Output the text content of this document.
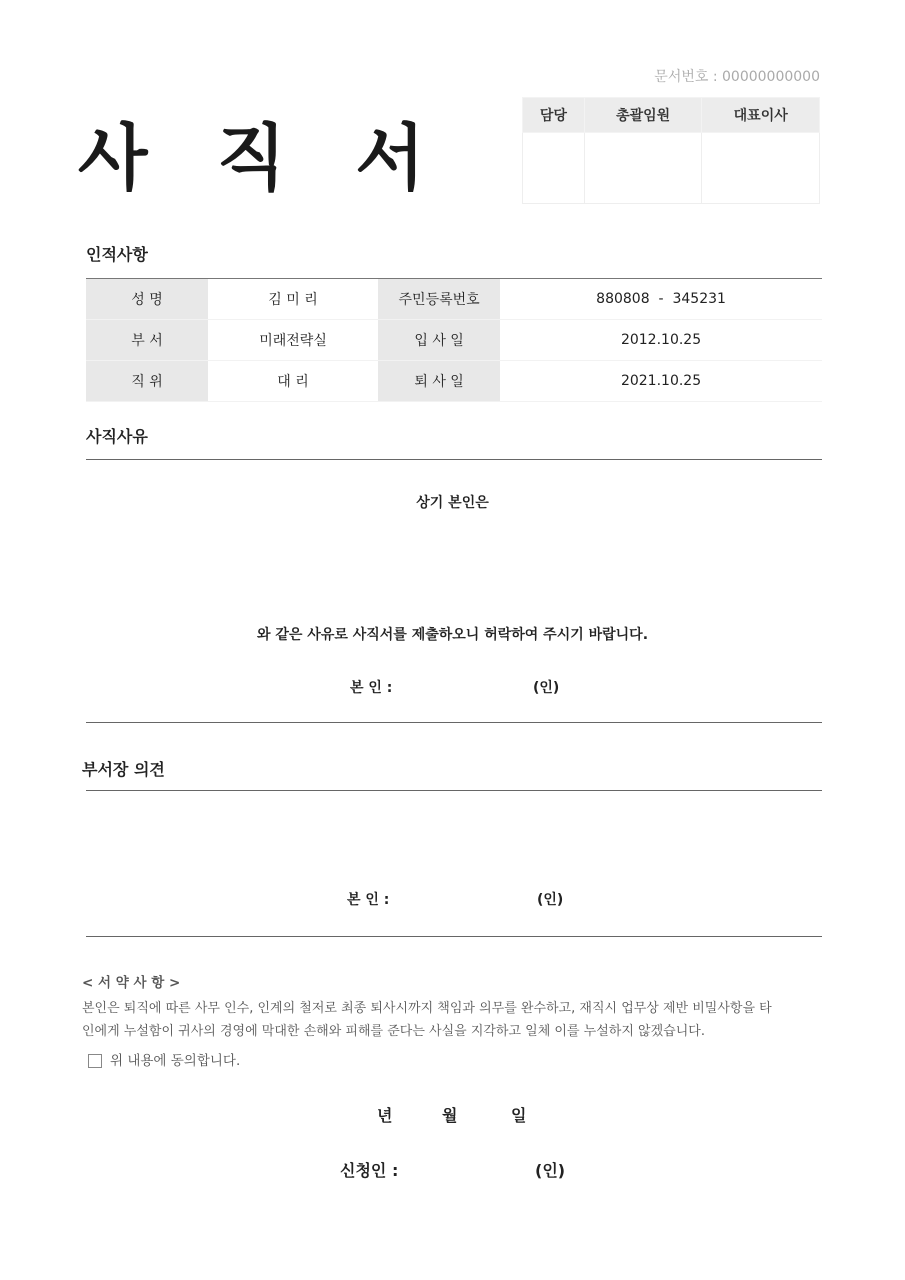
문서번호 : 00000000000
사 직 서	담당	총괄임원	대표이사

인적사항
성 명	김 미 리	주민등록번호	880808  -  345231
부 서	미래전략실	입 사 일	2012.10.25
직 위	대 리	퇴 사 일	2021.10.25
사직사유
상기 본인은
와 같은 사유로 사직서를 제출하오니 허락하여 주시기 바랍니다.
본 인 :	(인)
부서장 의견
본 인 :	(인)
< 서 약 사 항 >
본인은 퇴직에 따른 사무 인수, 인계의 철저로 최종 퇴사시까지 책임과 의무를 완수하고, 재직시 업무상 제반 비밀사항을 타
인에게 누설함이 귀사의 경영에 막대한 손해와 피해를 준다는 사실을 지각하고 일체 이를 누설하지 않겠습니다.
위 내용에 동의합니다.
년	월	일
신청인 :	(인)
